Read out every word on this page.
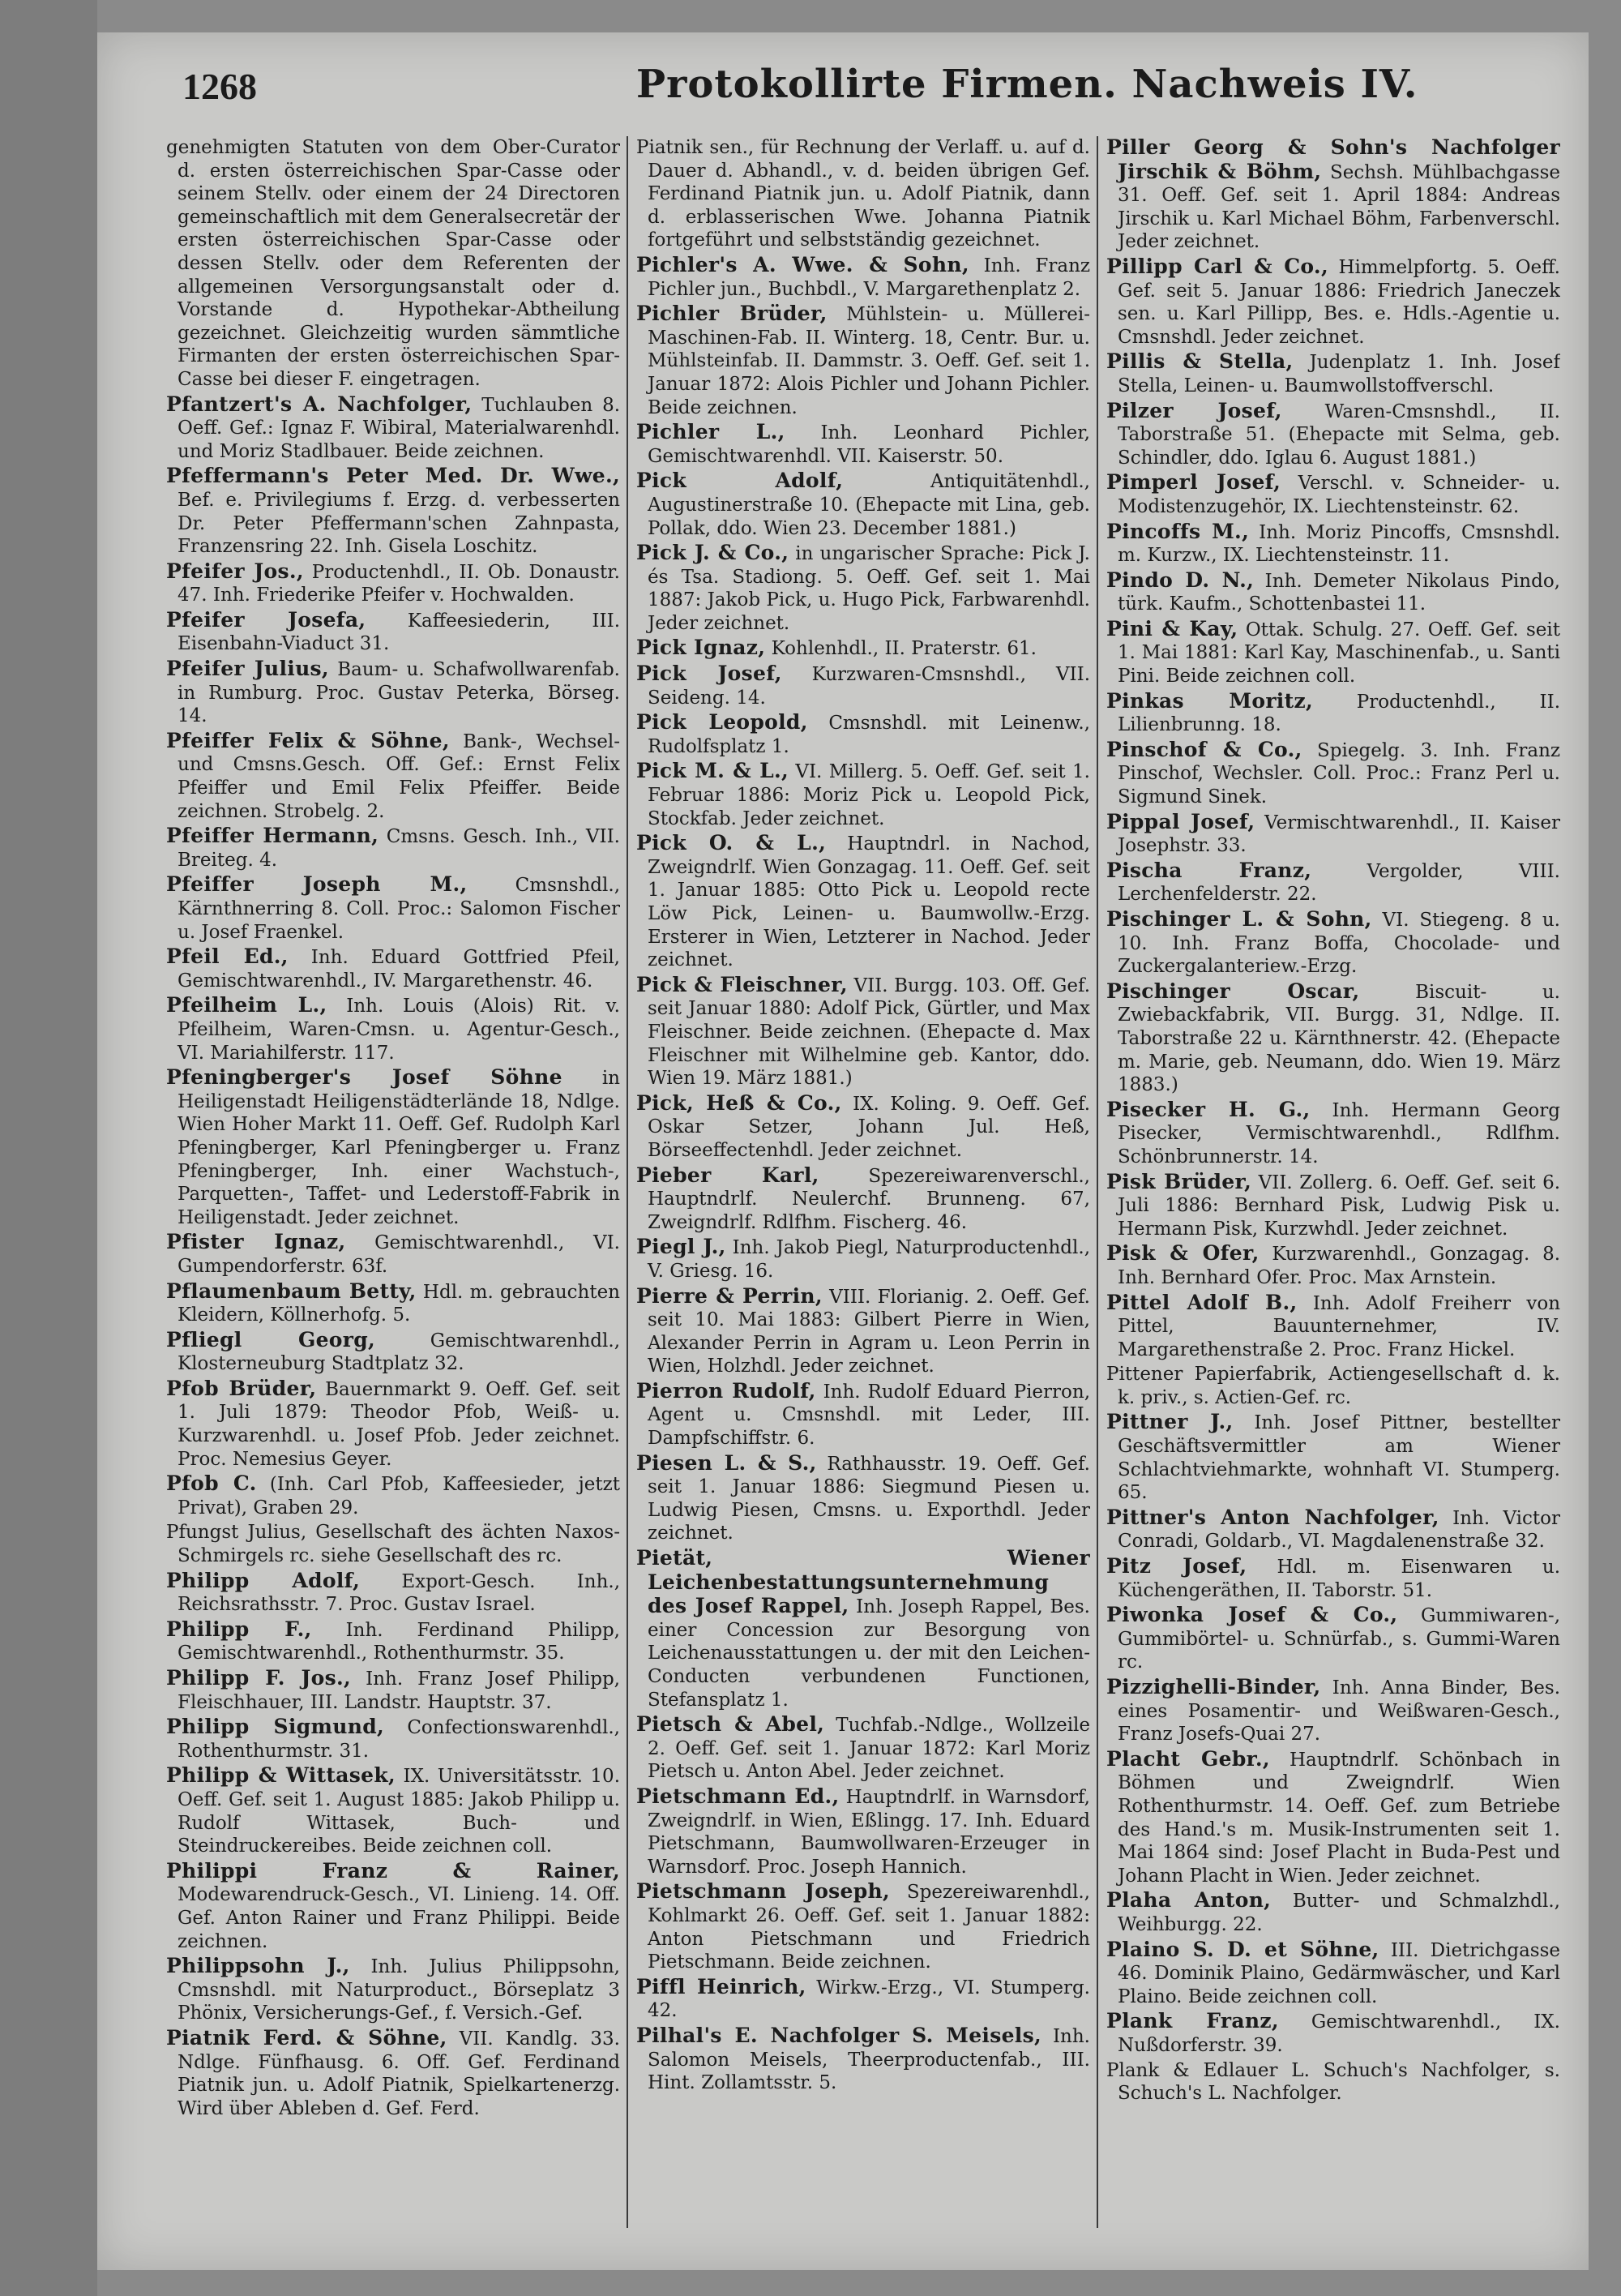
1268	Protokollirte Firmen. Nachweis IV.

genehmigten Statuten von dem Ober-Curator d. ersten österreichischen Spar-Casse oder seinem Stellv. oder einem der 24 Directoren gemeinschaftlich mit dem Generalsecretär der ersten österreichischen Spar-Casse oder dessen Stellv. oder dem Referenten der allgemeinen Versorgungsanstalt oder d. Vorstande d. Hypothekar-Abtheilung gezeichnet. Gleichzeitig wurden sämmtliche Firmanten der ersten österreichischen Spar-Casse bei dieser F. eingetragen.

Pfantzert's A. Nachfolger, Tuchlauben 8. Oeff. Gef.: Ignaz F. Wibiral, Materialwarenhdl. und Moriz Stadlbauer. Beide zeichnen.

Pfeffermann's Peter Med. Dr. Wwe., Bef. e. Privilegiums f. Erzg. d. verbesserten Dr. Peter Pfeffermann'schen Zahnpasta, Franzensring 22. Inh. Gisela Loschitz.

Pfeifer Jos., Productenhdl., II. Ob. Donaustr. 47. Inh. Friederike Pfeifer v. Hochwalden.

Pfeifer Josefa, Kaffeesiederin, III. Eisenbahn-Viaduct 31.

Pfeifer Julius, Baum- u. Schafwollwarenfab. in Rumburg. Proc. Gustav Peterka, Börseg. 14.

Pfeiffer Felix & Söhne, Bank-, Wechsel- und Cmsns.Gesch. Off. Gef.: Ernst Felix Pfeiffer und Emil Felix Pfeiffer. Beide zeichnen. Strobelg. 2.

Pfeiffer Hermann, Cmsns. Gesch. Inh., VII. Breiteg. 4.

Pfeiffer Joseph M.,	Cmsnshdl., Kärnthnerring 8. Coll. Proc.: Salomon Fischer u. Josef Fraenkel.

Pfeil Ed., Inh. Eduard Gottfried Pfeil, Gemischtwarenhdl., IV. Margarethenstr. 46.

Pfeilheim L., Inh. Louis (Alois) Rit. v. Pfeilheim, Waren-Cmsn. u. Agentur-Gesch., VI. Mariahilferstr. 117.

Pfeningberger's Josef Söhne in Heiligenstadt Heiligenstädterlände 18, Ndlge. Wien Hoher Markt 11. Oeff. Gef. Rudolph Karl Pfeningberger, Karl Pfeningberger u. Franz Pfeningberger, Inh. einer Wachstuch-, Parquetten-, Taffet- und Lederstoff-Fabrik in Heiligenstadt. Jeder zeichnet.

Pfister Ignaz, Gemischtwarenhdl., VI. Gumpendorferstr. 63f.

Pflaumenbaum Betty, Hdl. m. gebrauchten Kleidern, Köllnerhofg. 5.

Pfliegl Georg,	Gemischtwarenhdl., Klosterneuburg Stadtplatz 32.

Pfob Brüder, Bauernmarkt 9. Oeff. Gef. seit 1. Juli 1879: Theodor Pfob, Weiß- u. Kurzwarenhdl. u. Josef Pfob. Jeder zeichnet. Proc. Nemesius Geyer.

Pfob C. (Inh. Carl Pfob, Kaffeesieder, jetzt Privat), Graben 29.

Pfungst Julius, Gesellschaft des ächten Naxos-Schmirgels rc. siehe Gesellschaft des rc.

Philipp Adolf, Export-Gesch. Inh., Reichsrathsstr. 7. Proc. Gustav Israel.

Philipp F., Inh. Ferdinand Philipp, Gemischtwarenhdl., Rothenthurmstr. 35.

Philipp F. Jos., Inh. Franz Josef Philipp, Fleischhauer, III. Landstr. Hauptstr. 37.

Philipp Sigmund, Confectionswarenhdl., Rothenthurmstr. 31.

Philipp & Wittasek, IX. Universitätsstr. 10. Oeff. Gef. seit 1. August 1885: Jakob Philipp u. Rudolf Wittasek, Buch- und Steindruckereibes. Beide zeichnen coll.

Philippi Franz & Rainer, Modewarendruck-Gesch., VI. Linieng. 14. Off. Gef. Anton Rainer und Franz Philippi. Beide zeichnen.

Philippsohn J., Inh. Julius Philippsohn, Cmsnshdl. mit Naturproduct., Börseplatz 3 Phönix, Versicherungs-Gef., f. Versich.-Gef.

Piatnik Ferd. & Söhne, VII. Kandlg. 33. Ndlge. Fünfhausg. 6. Off. Gef. Ferdinand Piatnik jun. u. Adolf Piatnik, Spielkartenerzg. Wird über Ableben d. Gef. Ferd.

Piatnik sen., für Rechnung der Verlaff. u. auf d. Dauer d. Abhandl., v. d. beiden übrigen Gef. Ferdinand Piatnik jun. u. Adolf Piatnik, dann d. erblasserischen Wwe. Johanna Piatnik fortgeführt und selbstständig gezeichnet.

Pichler's A. Wwe. & Sohn, Inh. Franz Pichler jun., Buchbdl., V. Margarethenplatz 2.

Pichler Brüder, Mühlstein- u. Müllerei-Maschinen-Fab. II. Winterg. 18, Centr. Bur. u. Mühlsteinfab. II. Dammstr. 3. Oeff. Gef. seit 1. Januar 1872: Alois Pichler und Johann Pichler. Beide zeichnen.

Pichler L., Inh. Leonhard Pichler, Gemischtwarenhdl. VII. Kaiserstr. 50.

Pick Adolf,	Antiquitätenhdl., Augustinerstraße 10. (Ehepacte mit Lina, geb. Pollak, ddo. Wien 23. December 1881.)

Pick J. & Co., in ungarischer Sprache: Pick J. és Tsa. Stadiong. 5. Oeff. Gef. seit 1. Mai 1887: Jakob Pick, u. Hugo Pick, Farbwarenhdl. Jeder zeichnet.

Pick Ignaz, Kohlenhdl., II. Praterstr. 61.

Pick Josef, Kurzwaren-Cmsnshdl., VII. Seideng. 14.

Pick Leopold, Cmsnshdl. mit Leinenw., Rudolfsplatz 1.

Pick M. & L., VI. Millerg. 5. Oeff. Gef. seit 1. Februar 1886: Moriz Pick u. Leopold Pick, Stockfab. Jeder zeichnet.

Pick O. & L., Hauptndrl. in Nachod, Zweigndrlf. Wien Gonzagag. 11. Oeff. Gef. seit 1. Januar 1885: Otto Pick u. Leopold recte Löw Pick, Leinen- u. Baumwollw.-Erzg. Ersterer in Wien, Letzterer in Nachod. Jeder zeichnet.

Pick & Fleischner, VII. Burgg. 103. Off. Gef. seit Januar 1880: Adolf Pick, Gürtler, und Max Fleischner. Beide zeichnen. (Ehepacte d. Max Fleischner mit Wilhelmine geb. Kantor, ddo. Wien 19. März 1881.)

Pick, Heß & Co., IX. Koling. 9. Oeff. Gef. Oskar Setzer, Johann Jul. Heß, Börseeffectenhdl. Jeder zeichnet.

Pieber Karl,	Spezereiwarenverschl., Hauptndrlf. Neulerchf. Brunneng. 67, Zweigndrlf. Rdlfhm. Fischerg. 46.

Piegl J., Inh. Jakob Piegl, Naturproductenhdl., V. Griesg. 16.

Pierre & Perrin, VIII. Florianig. 2. Oeff. Gef. seit 10. Mai 1883: Gilbert Pierre in Wien, Alexander Perrin in Agram u. Leon Perrin in Wien, Holzhdl. Jeder zeichnet.

Pierron Rudolf, Inh. Rudolf Eduard Pierron, Agent u. Cmsnshdl. mit Leder, III. Dampfschiffstr. 6.

Piesen L. & S., Rathhausstr. 19. Oeff. Gef. seit 1. Januar 1886: Siegmund Piesen u. Ludwig Piesen, Cmsns. u. Exporthdl. Jeder zeichnet.

Pietät, Wiener Leichenbestattungsunternehmung des Josef Rappel, Inh. Joseph Rappel, Bes. einer Concession zur Besorgung von Leichenausstattungen u. der mit den Leichen-Conducten verbundenen Functionen, Stefansplatz 1.

Pietsch & Abel, Tuchfab.-Ndlge., Wollzeile 2. Oeff. Gef. seit 1. Januar 1872: Karl Moriz Pietsch u. Anton Abel. Jeder zeichnet.

Pietschmann Ed., Hauptndrlf. in Warnsdorf, Zweigndrlf. in Wien, Eßlingg. 17. Inh. Eduard Pietschmann, Baumwollwaren-Erzeuger in Warnsdorf. Proc. Joseph Hannich.

Pietschmann Joseph, Spezereiwarenhdl., Kohlmarkt 26. Oeff. Gef. seit 1. Januar 1882: Anton Pietschmann und Friedrich Pietschmann. Beide zeichnen.

Piffl Heinrich, Wirkw.-Erzg., VI. Stumperg. 42.

Pilhal's E. Nachfolger S. Meisels, Inh. Salomon Meisels, Theerproductenfab., III. Hint. Zollamtsstr. 5.

Piller Georg & Sohn's Nachfolger Jirschik & Böhm, Sechsh. Mühlbachgasse 31. Oeff. Gef. seit 1. April 1884: Andreas Jirschik u. Karl Michael Böhm, Farbenverschl. Jeder zeichnet.

Pillipp Carl & Co., Himmelpfortg. 5. Oeff. Gef. seit 5. Januar 1886: Friedrich Janeczek sen. u. Karl Pillipp, Bes. e. Hdls.-Agentie u. Cmsnshdl. Jeder zeichnet.

Pillis & Stella, Judenplatz 1. Inh. Josef Stella, Leinen- u. Baumwollstoffverschl.

Pilzer Josef, Waren-Cmsnshdl., II. Taborstraße 51. (Ehepacte mit Selma, geb. Schindler, ddo. Iglau 6. August 1881.)

Pimperl Josef, Verschl. v. Schneider- u. Modistenzugehör, IX. Liechtensteinstr. 62.

Pincoffs M., Inh. Moriz Pincoffs, Cmsnshdl. m. Kurzw., IX. Liechtensteinstr. 11.

Pindo D. N., Inh. Demeter Nikolaus Pindo, türk. Kaufm., Schottenbastei 11.

Pini & Kay, Ottak. Schulg. 27. Oeff. Gef. seit 1. Mai 1881: Karl Kay, Maschinenfab., u. Santi Pini. Beide zeichnen coll.

Pinkas Moritz, Productenhdl., II. Lilienbrunng. 18.

Pinschof & Co., Spiegelg. 3. Inh. Franz Pinschof, Wechsler. Coll. Proc.: Franz Perl u. Sigmund Sinek.

Pippal Josef, Vermischtwarenhdl., II. Kaiser Josephstr. 33.

Pischa Franz,	Vergolder, VIII. Lerchenfelderstr. 22.

Pischinger L. & Sohn, VI. Stiegeng. 8 u. 10. Inh. Franz Boffa, Chocolade- und Zuckergalanteriew.-Erzg.

Pischinger Oscar,	Biscuit- u. Zwiebackfabrik, VII. Burgg. 31, Ndlge. II. Taborstraße 22 u. Kärnthnerstr. 42. (Ehepacte m. Marie, geb. Neumann, ddo. Wien 19. März 1883.)

Pisecker H. G., Inh. Hermann Georg Pisecker, Vermischtwarenhdl., Rdlfhm. Schönbrunnerstr. 14.

Pisk Brüder, VII. Zollerg. 6. Oeff. Gef. seit 6. Juli 1886: Bernhard Pisk, Ludwig Pisk u. Hermann Pisk, Kurzwhdl. Jeder zeichnet.

Pisk & Ofer, Kurzwarenhdl., Gonzagag. 8. Inh. Bernhard Ofer. Proc. Max Arnstein.

Pittel Adolf B., Inh. Adolf Freiherr von Pittel, Bauunternehmer, IV. Margarethenstraße 2. Proc. Franz Hickel.

Pittener Papierfabrik, Actiengesellschaft d. k. k. priv., s. Actien-Gef. rc.

Pittner J., Inh. Josef Pittner, bestellter Geschäftsvermittler am Wiener Schlachtviehmarkte, wohnhaft VI. Stumperg. 65.

Pittner's Anton Nachfolger, Inh. Victor Conradi, Goldarb., VI. Magdalenenstraße 32.

Pitz Josef, Hdl. m. Eisenwaren u. Küchengeräthen, II. Taborstr. 51.

Piwonka Josef & Co., Gummiwaren-, Gummibörtel- u. Schnürfab., s. Gummi-Waren rc.

Pizzighelli-Binder, Inh. Anna Binder, Bes. eines Posamentir- und Weißwaren-Gesch., Franz Josefs-Quai 27.

Placht Gebr., Hauptndrlf. Schönbach in Böhmen und Zweigndrlf. Wien Rothenthurmstr. 14. Oeff. Gef. zum Betriebe des Hand.'s m. Musik-Instrumenten seit 1. Mai 1864 sind: Josef Placht in Buda-Pest und Johann Placht in Wien. Jeder zeichnet.

Plaha Anton, Butter- und Schmalzhdl., Weihburgg. 22.

Plaino S. D. et Söhne, III. Dietrichgasse 46. Dominik Plaino, Gedärmwäscher, und Karl Plaino. Beide zeichnen coll.

Plank Franz, Gemischtwarenhdl., IX. Nußdorferstr. 39.

Plank & Edlauer L. Schuch's Nachfolger, s. Schuch's L. Nachfolger.
